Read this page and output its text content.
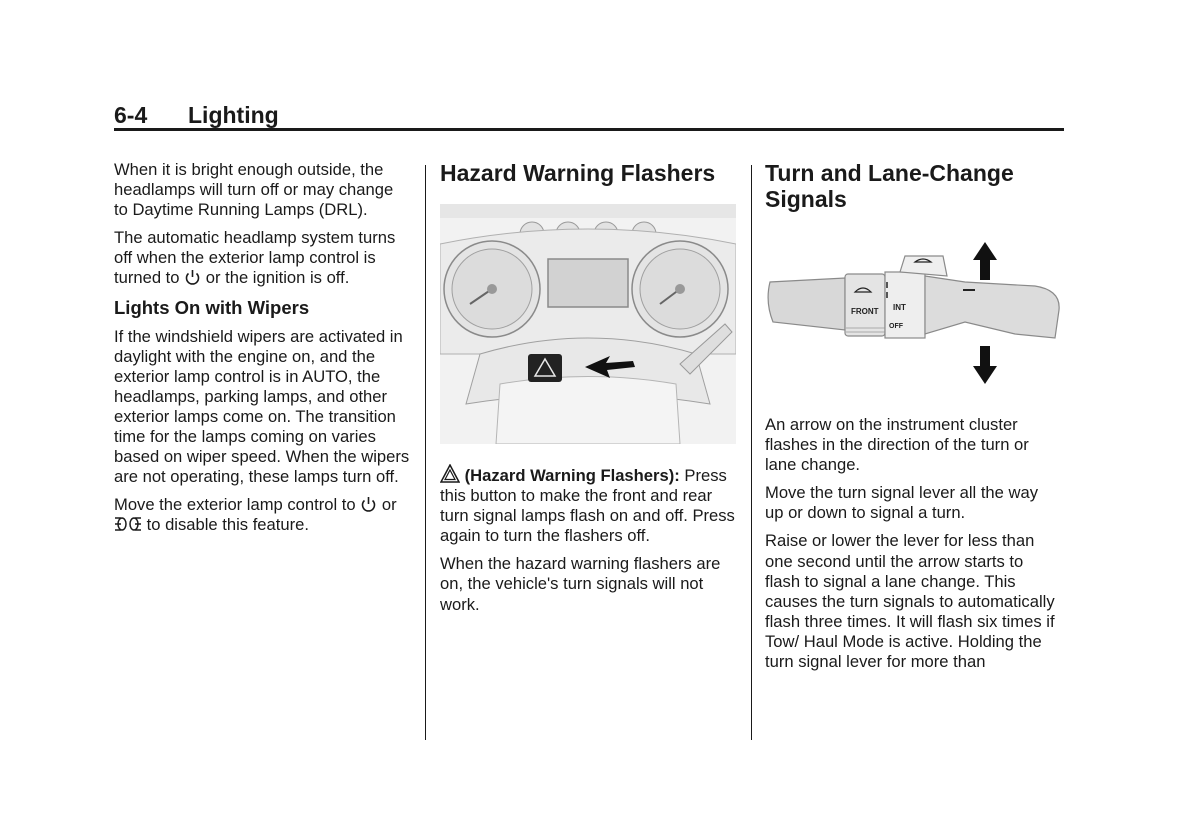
6-4 Lighting

When it is bright enough outside, the headlamps will turn off or may change to Daytime Running Lamps (DRL).

The automatic headlamp system turns off when the exterior lamp control is turned to or the ignition is off.

Lights On with Wipers

If the windshield wipers are activated in daylight with the engine on, and the exterior lamp control is in AUTO, the headlamps, parking lamps, and other exterior lamps come on. The transition time for the lamps coming on varies based on wiper speed. When the wipers are not operating, these lamps turn off.

Move the exterior lamp control to or  to disable this feature.

Hazard Warning Flashers

(Hazard Warning Flashers): Press this button to make the front and rear turn signal lamps flash on and off. Press again to turn the flashers off.

When the hazard warning flashers are on, the vehicle's turn signals will not work.

Turn and Lane-Change Signals
FRONT INT
OFF

An arrow on the instrument cluster flashes in the direction of the turn or lane change.

Move the turn signal lever all the way up or down to signal a turn.

Raise or lower the lever for less than one second until the arrow starts to flash to signal a lane change. This causes the turn signals to automatically flash three times. It will flash six times if Tow/ Haul Mode is active. Holding the turn signal lever for more than
